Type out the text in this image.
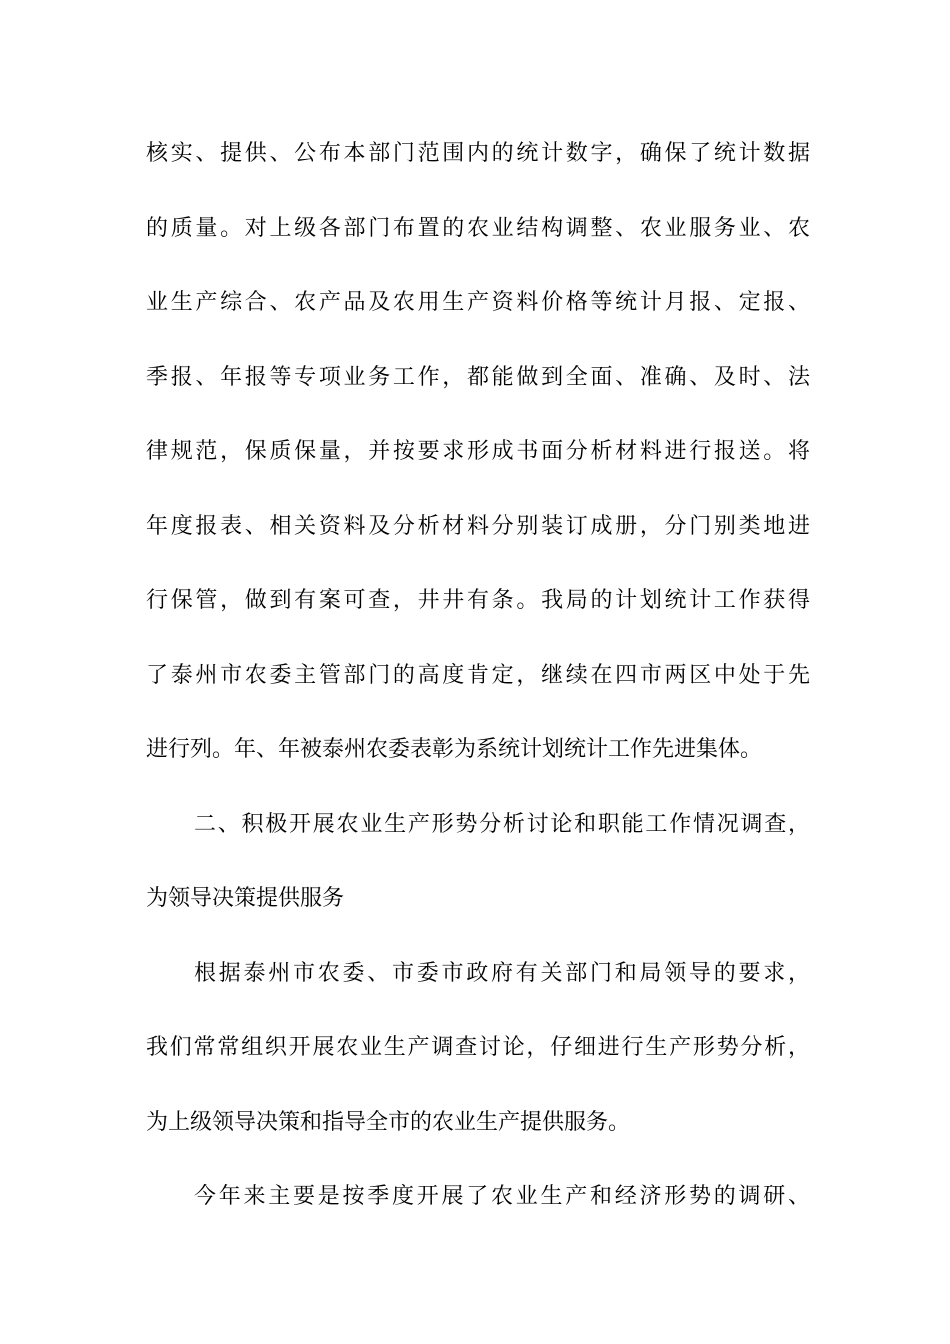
核实、提供、公布本部门范围内的统计数字，确保了统计数据
的质量。对上级各部门布置的农业结构调整、农业服务业、农
业生产综合、农产品及农用生产资料价格等统计月报、定报、
季报、年报等专项业务工作，都能做到全面、准确、及时、法
律规范，保质保量，并按要求形成书面分析材料进行报送。将
年度报表、相关资料及分析材料分别装订成册，分门别类地进
行保管，做到有案可查，井井有条。我局的计划统计工作获得
了泰州市农委主管部门的高度肯定，继续在四市两区中处于先
进行列。年、年被泰州农委表彰为系统计划统计工作先进集体。
二、积极开展农业生产形势分析讨论和职能工作情况调查，
为领导决策提供服务
根据泰州市农委、市委市政府有关部门和局领导的要求，
我们常常组织开展农业生产调查讨论，仔细进行生产形势分析，
为上级领导决策和指导全市的农业生产提供服务。
今年来主要是按季度开展了农业生产和经济形势的调研、
